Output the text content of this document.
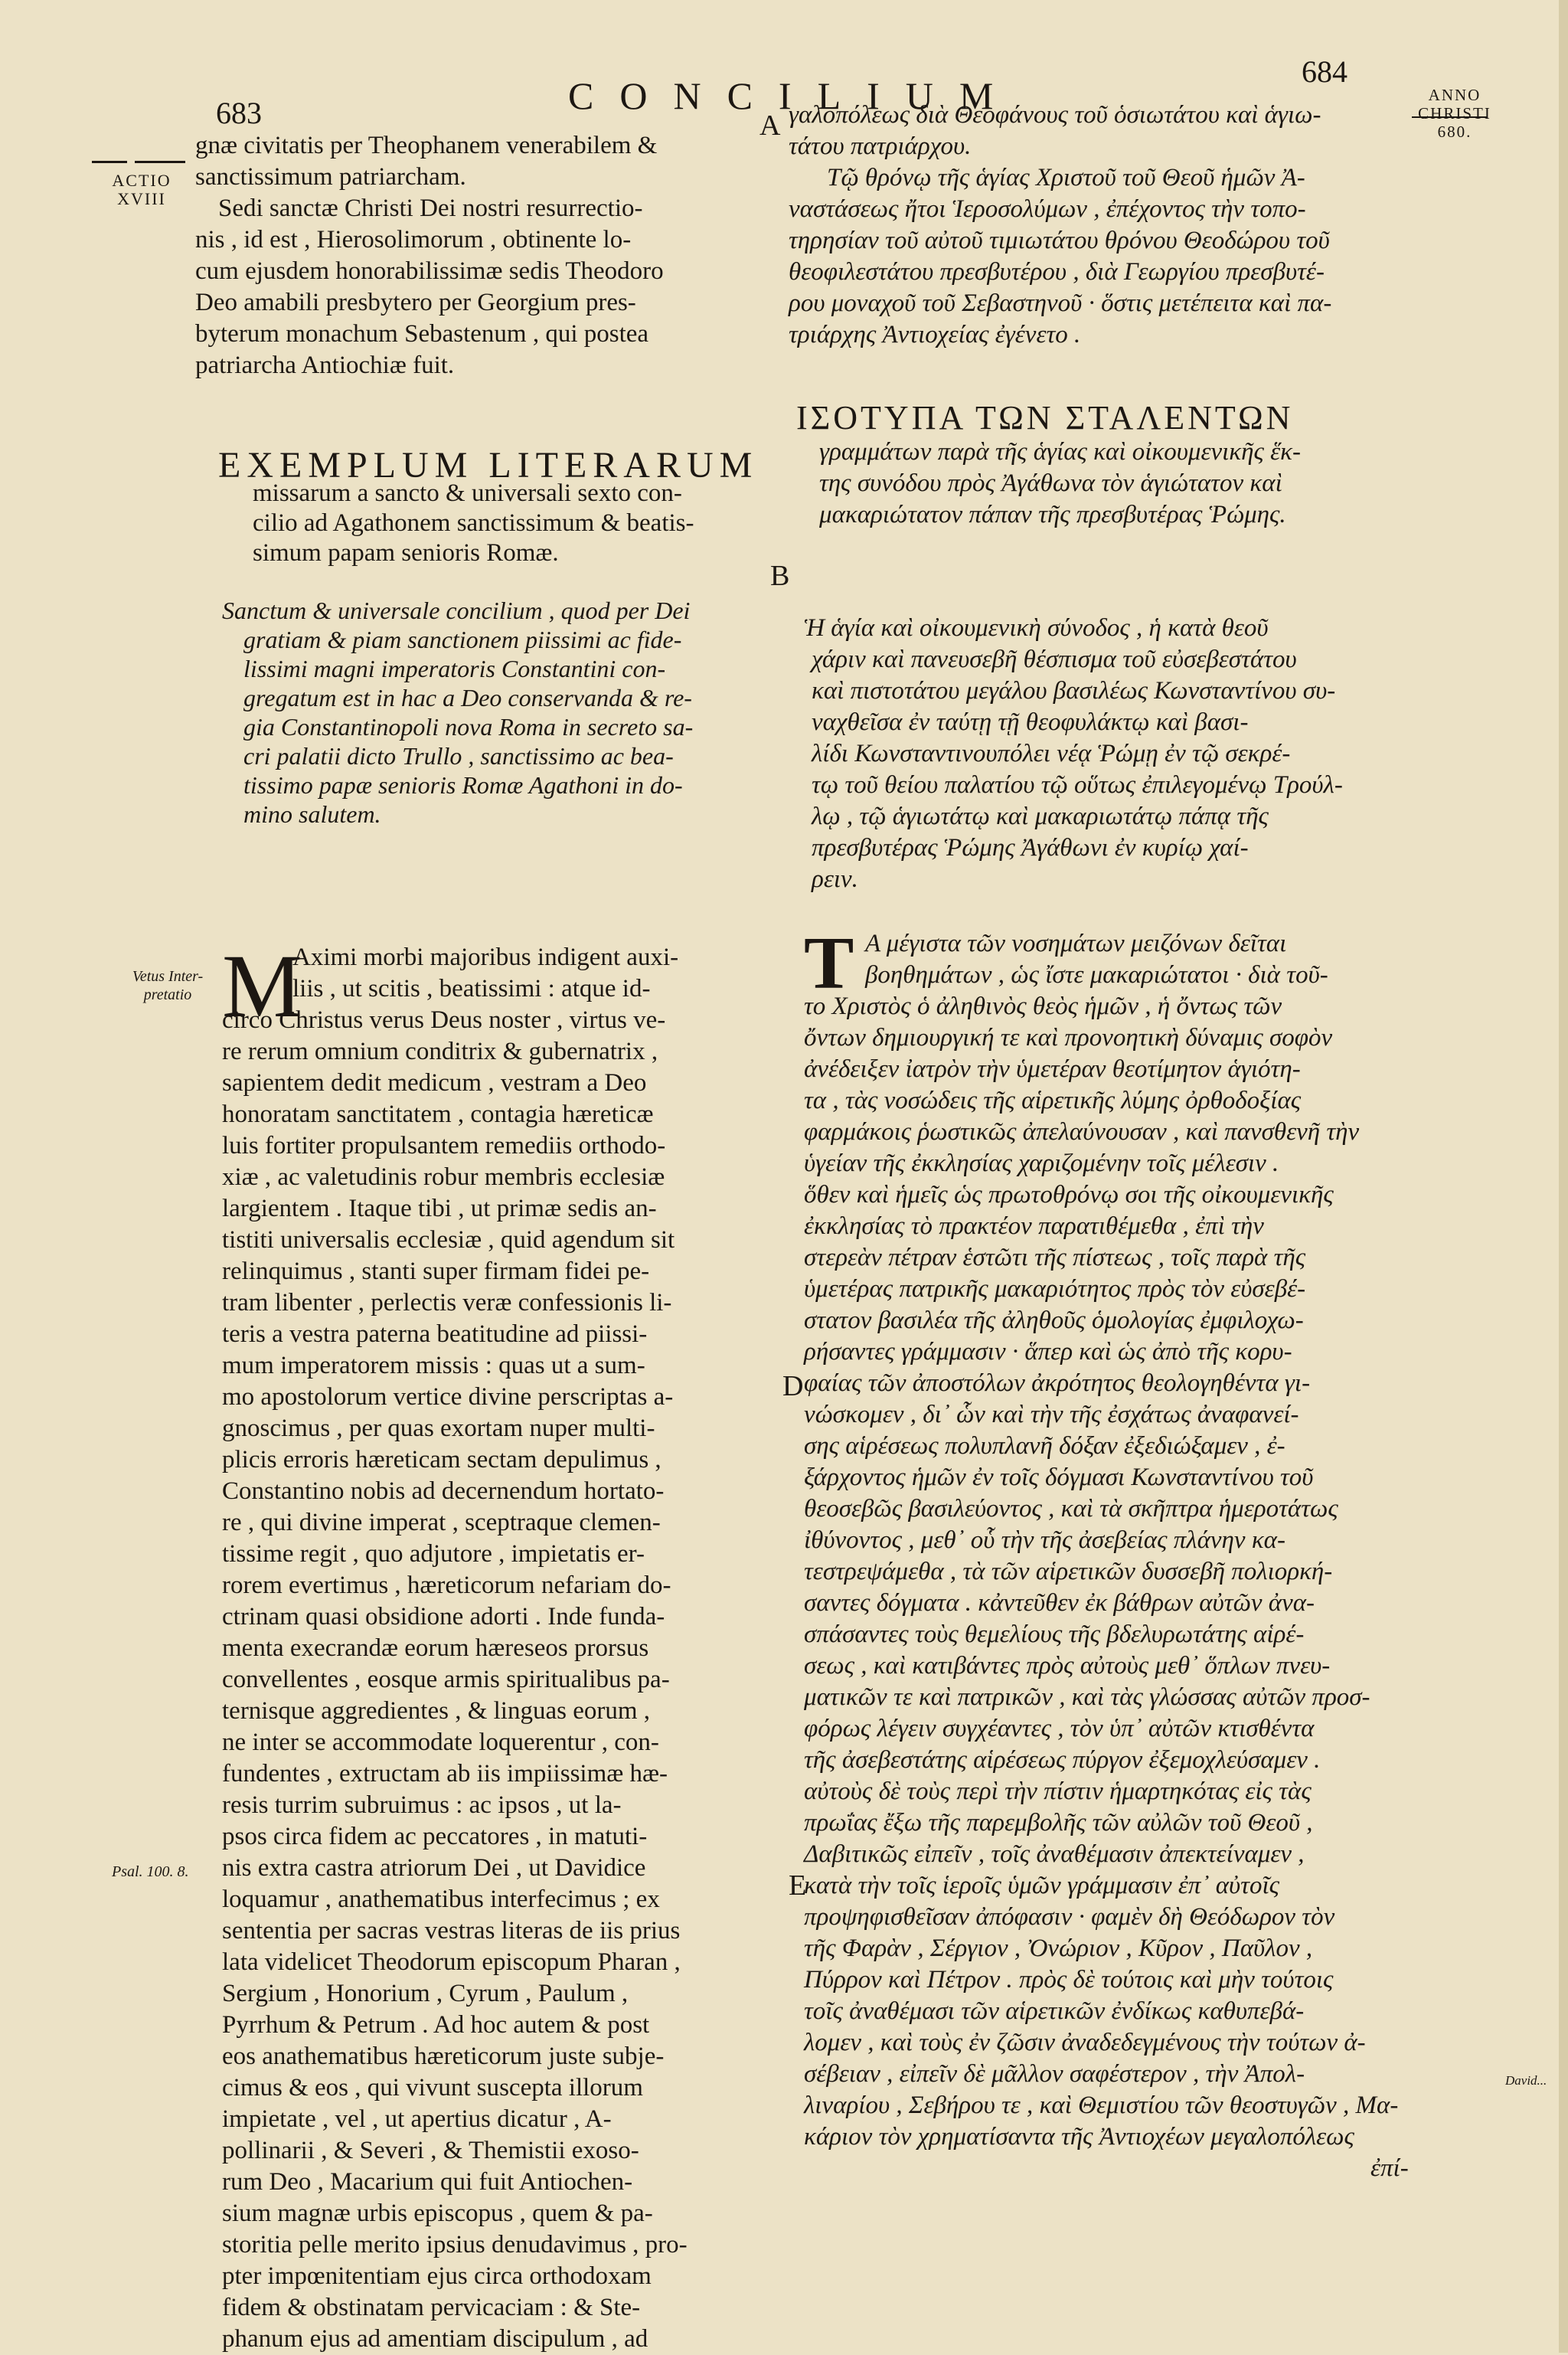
683	CONCILIUM
684
ANNO
CHRISTI
680.
ACTIO
XVIII
Vetus Inter-
pretatio
Psal. 100. 8.
David...
A
B
D
E
gnæ civitatis per Theophanem venerabilem &
sanctissimum patriarcham.
Sedi sanctæ Christi Dei nostri resurrectio-
nis , id est , Hierosolimorum , obtinente lo-
cum ejusdem honorabilissimæ sedis Theodoro
Deo amabili presbytero per Georgium pres-
byterum monachum Sebastenum , qui postea
patriarcha Antiochiæ fuit.
EXEMPLUM LITERARUM
missarum a sancto & universali sexto con-
cilio ad Agathonem sanctissimum & beatis-
simum papam senioris Romæ.
Sanctum & universale concilium , quod per Dei
gratiam & piam sanctionem piissimi ac fide-
lissimi magni imperatoris Constantini con-
gregatum est in hac a Deo conservanda & re-
gia Constantinopoli nova Roma in secreto sa-
cri palatii dicto Trullo , sanctissimo ac bea-
tissimo papæ senioris Romæ Agathoni in do-
mino salutem.
M
Aximi morbi majoribus indigent auxi-
liis , ut scitis , beatissimi : atque id-
circo Christus verus Deus noster , virtus ve-
re rerum omnium conditrix & gubernatrix ,
sapientem dedit medicum , vestram a Deo
honoratam sanctitatem , contagia hæreticæ
luis fortiter propulsantem remediis orthodo-
xiæ , ac valetudinis robur membris ecclesiæ
largientem . Itaque tibi , ut primæ sedis an-
tistiti universalis ecclesiæ , quid agendum sit
relinquimus , stanti super firmam fidei pe-
tram libenter , perlectis veræ confessionis li-
teris a vestra paterna beatitudine ad piissi-
mum imperatorem missis : quas ut a sum-
mo apostolorum vertice divine perscriptas a-
gnoscimus , per quas exortam nuper multi-
plicis erroris hæreticam sectam depulimus ,
Constantino nobis ad decernendum hortato-
re , qui divine imperat , sceptraque clemen-
tissime regit , quo adjutore , impietatis er-
rorem evertimus , hæreticorum nefariam do-
ctrinam quasi obsidione adorti . Inde funda-
menta execrandæ eorum hæreseos prorsus
convellentes , eosque armis spiritualibus pa-
ternisque aggredientes , & linguas eorum ,
ne inter se accommodate loquerentur , con-
fundentes , extructam ab iis impiissimæ hæ-
resis turrim subruimus : ac ipsos , ut la-
psos circa fidem ac peccatores , in matuti-
nis extra castra atriorum Dei , ut Davidice
loquamur , anathematibus interfecimus ; ex
sententia per sacras vestras literas de iis prius
lata videlicet Theodorum episcopum Pharan ,
Sergium , Honorium , Cyrum , Paulum ,
Pyrrhum & Petrum . Ad hoc autem & post
eos anathematibus hæreticorum juste subje-
cimus & eos , qui vivunt suscepta illorum
impietate , vel , ut apertius dicatur , A-
pollinarii , & Severi , & Themistii exoso-
rum Deo , Macarium qui fuit Antiochen-
sium magnæ urbis episcopus , quem & pa-
storitia pelle merito ipsius denudavimus , pro-
pter impœnitentiam ejus circa orthodoxam
fidem & obstinatam pervicaciam : & Ste-
phanum ejus ad amentiam discipulum , ad
γαλοπόλεως διὰ Θεοφάνους τοῦ ὁσιωτάτου καὶ ἁγιω-
τάτου πατριάρχου.
Τῷ θρόνῳ τῆς ἁγίας Χριστοῦ τοῦ Θεοῦ ἡμῶν Ἀ-
ναστάσεως ἤτοι Ἱεροσολύμων , ἐπέχοντος τὴν τοπο-
τηρησίαν τοῦ αὐτοῦ τιμιωτάτου θρόνου Θεοδώρου τοῦ
θεοφιλεστάτου πρεσβυτέρου , διὰ Γεωργίου πρεσβυτέ-
ρου μοναχοῦ τοῦ Σεβαστηνοῦ · ὅστις μετέπειτα καὶ πα-
τριάρχης Ἀντιοχείας ἐγένετο .
ΙΣΟΤΥΠΑ ΤΩΝ ΣΤΑΛΕΝΤΩΝ
γραμμάτων παρὰ τῆς ἁγίας καὶ οἰκουμενικῆς ἕκ-
της συνόδου πρὸς Ἀγάθωνα τὸν ἁγιώτατον καὶ
μακαριώτατον πάπαν τῆς πρεσβυτέρας Ῥώμης.
Ἡ ἁγία καὶ οἰκουμενικὴ σύνοδος , ἡ κατὰ θεοῦ
χάριν καὶ πανευσεβῆ θέσπισμα τοῦ εὐσεβεστάτου
καὶ πιστοτάτου μεγάλου βασιλέως Κωνσταντίνου συ-
ναχθεῖσα ἐν ταύτῃ τῇ θεοφυλάκτῳ καὶ βασι-
λίδι Κωνσταντινουπόλει νέᾳ Ῥώμῃ ἐν τῷ σεκρέ-
τῳ τοῦ θείου παλατίου τῷ οὕτως ἐπιλεγομένῳ Τρούλ-
λῳ , τῷ ἁγιωτάτῳ καὶ μακαριωτάτῳ πάπᾳ τῆς
πρεσβυτέρας Ῥώμης Ἀγάθωνι ἐν κυρίῳ χαί-
ρειν.
Τ Α μέγιστα τῶν νοσημάτων μειζόνων δεῖται
βοηθημάτων , ὡς ἴστε μακαριώτατοι · διὰ τοῦ-
το Χριστὸς ὁ ἀληθινὸς θεὸς ἡμῶν , ἡ ὄντως τῶν
ὄντων δημιουργική τε καὶ προνοητικὴ δύναμις σοφὸν
ἀνέδειξεν ἰατρὸν τὴν ὑμετέραν θεοτίμητον ἁγιότη-
τα , τὰς νοσώδεις τῆς αἱρετικῆς λύμης ὀρθοδοξίας
φαρμάκοις ῥωστικῶς ἀπελαύνουσαν , καὶ πανσθενῆ τὴν
ὑγείαν τῆς ἐκκλησίας χαριζομένην τοῖς μέλεσιν .
ὅθεν καὶ ἡμεῖς ὡς πρωτοθρόνῳ σοι τῆς οἰκουμενικῆς
ἐκκλησίας τὸ πρακτέον παρατιθέμεθα , ἐπὶ τὴν
στερεὰν πέτραν ἑστῶτι τῆς πίστεως , τοῖς παρὰ τῆς
ὑμετέρας πατρικῆς μακαριότητος πρὸς τὸν εὐσεβέ-
στατον βασιλέα τῆς ἀληθοῦς ὁμολογίας ἐμφιλοχω-
ρήσαντες γράμμασιν · ἅπερ καὶ ὡς ἀπὸ τῆς κορυ-
φαίας τῶν ἀποστόλων ἀκρότητος θεολογηθέντα γι-
νώσκομεν , δι᾽ ὧν καὶ τὴν τῆς ἐσχάτως ἀναφανεί-
σης αἱρέσεως πολυπλανῆ δόξαν ἐξεδιώξαμεν , ἐ-
ξάρχοντος ἡμῶν ἐν τοῖς δόγμασι Κωνσταντίνου τοῦ
θεοσεβῶς βασιλεύοντος , καὶ τὰ σκῆπτρα ἡμεροτάτως
ἰθύνοντος , μεθ᾽ οὗ τὴν τῆς ἀσεβείας πλάνην κα-
τεστρεψάμεθα , τὰ τῶν αἱρετικῶν δυσσεβῆ πολιορκή-
σαντες δόγματα . κἀντεῦθεν ἐκ βάθρων αὐτῶν ἀνα-
σπάσαντες τοὺς θεμελίους τῆς βδελυρωτάτης αἱρέ-
σεως , καὶ κατιβάντες πρὸς αὐτοὺς μεθ᾽ ὅπλων πνευ-
ματικῶν τε καὶ πατρικῶν , καὶ τὰς γλώσσας αὐτῶν προσ-
φόρως λέγειν συγχέαντες , τὸν ὑπ᾽ αὐτῶν κτισθέντα
τῆς ἀσεβεστάτης αἱρέσεως πύργον ἐξεμοχλεύσαμεν .
αὐτοὺς δὲ τοὺς περὶ τὴν πίστιν ἡμαρτηκότας εἰς τὰς
πρωΐας ἔξω τῆς παρεμβολῆς τῶν αὐλῶν τοῦ Θεοῦ ,
Δαβιτικῶς εἰπεῖν , τοῖς ἀναθέμασιν ἀπεκτείναμεν ,
κατὰ τὴν τοῖς ἱεροῖς ὑμῶν γράμμασιν ἐπ᾽ αὐτοῖς
προψηφισθεῖσαν ἀπόφασιν · φαμὲν δὴ Θεόδωρον τὸν
τῆς Φαρὰν , Σέργιον , Ὀνώριον , Κῦρον , Παῦλον ,
Πύρρον καὶ Πέτρον . πρὸς δὲ τούτοις καὶ μὴν τούτοις
τοῖς ἀναθέμασι τῶν αἱρετικῶν ἐνδίκως καθυπεβά-
λομεν , καὶ τοὺς ἐν ζῶσιν ἀναδεδεγμένους τὴν τούτων ἀ-
σέβειαν , εἰπεῖν δὲ μᾶλλον σαφέστερον , τὴν Ἀπολ-
λιναρίου , Σεβήρου τε , καὶ Θεμιστίου τῶν θεοστυγῶν , Μα-
κάριον τὸν χρηματίσαντα τῆς Ἀντιοχέων μεγαλοπόλεως
ἐπί-
